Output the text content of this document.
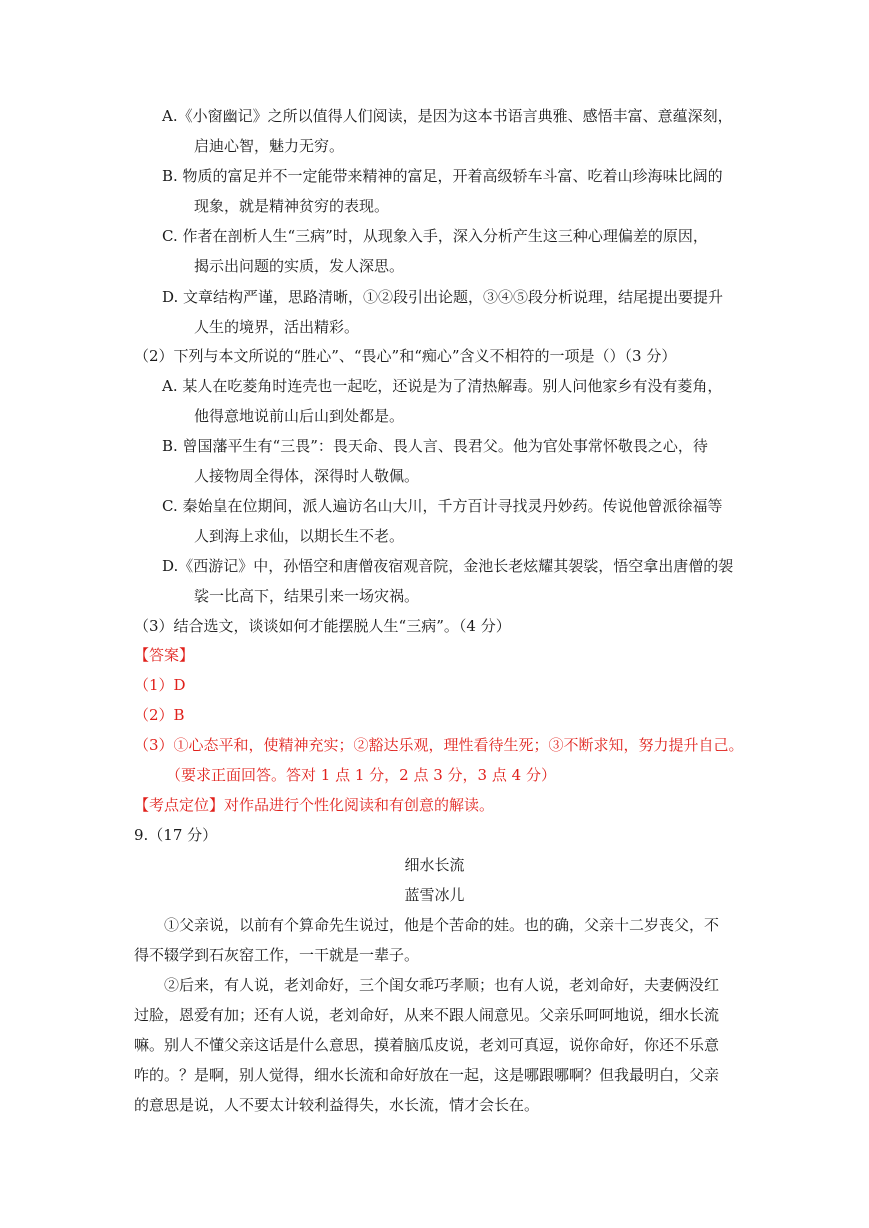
A.《小窗幽记》之所以值得人们阅读，是因为这本书语言典雅、感悟丰富、意蕴深刻，
启迪心智，魅力无穷。
B. 物质的富足并不一定能带来精神的富足，开着高级轿车斗富、吃着山珍海味比阔的
现象，就是精神贫穷的表现。
C. 作者在剖析人生“三病”时，从现象入手，深入分析产生这三种心理偏差的原因，
揭示出问题的实质，发人深思。
D. 文章结构严谨，思路清晰，①②段引出论题，③④⑤段分析说理，结尾提出要提升
人生的境界，活出精彩。
（2）下列与本文所说的“胜心”、“畏心”和“痴心”含义不相符的一项是（）（3 分）
A. 某人在吃菱角时连壳也一起吃，还说是为了清热解毒。别人问他家乡有没有菱角，
他得意地说前山后山到处都是。
B. 曾国藩平生有“三畏”：畏天命、畏人言、畏君父。他为官处事常怀敬畏之心，待
人接物周全得体，深得时人敬佩。
C. 秦始皇在位期间，派人遍访名山大川，千方百计寻找灵丹妙药。传说他曾派徐福等
人到海上求仙，以期长生不老。
D.《西游记》中，孙悟空和唐僧夜宿观音院，金池长老炫耀其袈裟，悟空拿出唐僧的袈
裟一比高下，结果引来一场灾祸。
（3）结合选文，谈谈如何才能摆脱人生“三病”。（4 分）
【答案】
（1）D
（2）B
（3）①心态平和，使精神充实；②豁达乐观，理性看待生死；③不断求知，努力提升自己。
（要求正面回答。答对 1 点 1 分，2 点 3 分，3 点 4 分）
【考点定位】对作品进行个性化阅读和有创意的解读。
9.（17 分）
细水长流
蓝雪冰儿
①父亲说，以前有个算命先生说过，他是个苦命的娃。也的确，父亲十二岁丧父，不
得不辍学到石灰窑工作，一干就是一辈子。
②后来，有人说，老刘命好，三个闺女乖巧孝顺；也有人说，老刘命好，夫妻俩没红
过脸，恩爱有加；还有人说，老刘命好，从来不跟人闹意见。父亲乐呵呵地说，细水长流
嘛。别人不懂父亲这话是什么意思，摸着脑瓜皮说，老刘可真逗，说你命好，你还不乐意
咋的。？是啊，别人觉得，细水长流和命好放在一起，这是哪跟哪啊？但我最明白，父亲
的意思是说，人不要太计较利益得失，水长流，情才会长在。
